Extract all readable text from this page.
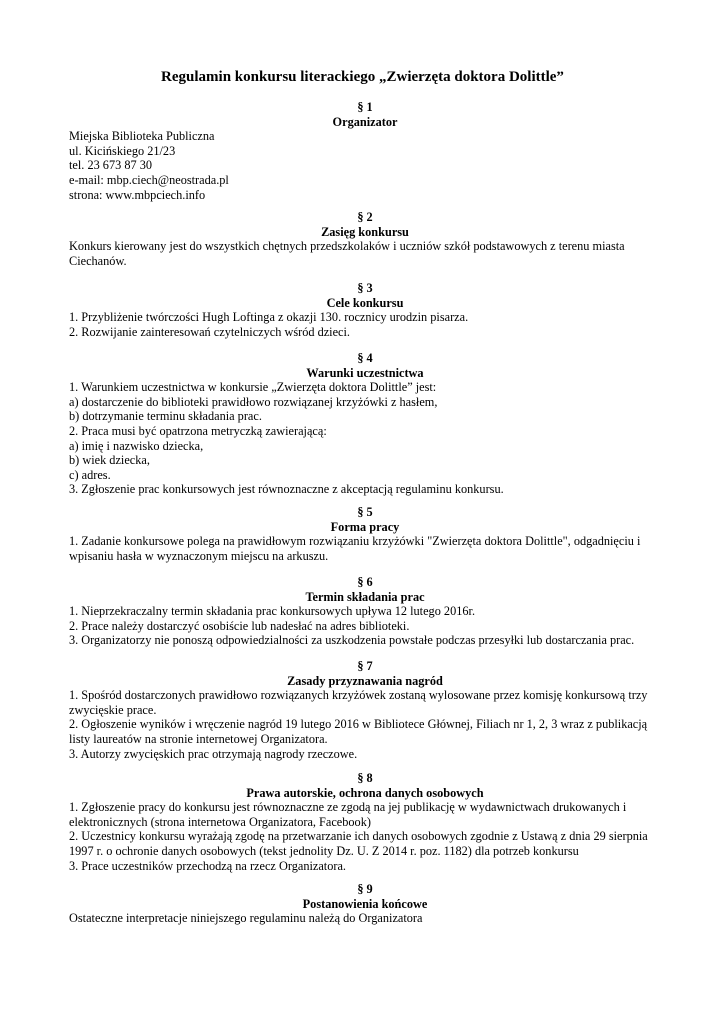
Regulamin konkursu literackiego „Zwierzęta doktora Dolittle”
§ 1
Organizator
Miejska Biblioteka Publiczna
ul. Kicińskiego 21/23
tel. 23 673 87 30
e-mail: mbp.ciech@neostrada.pl
strona: www.mbpciech.info
§ 2
Zasięg konkursu
Konkurs kierowany jest do wszystkich chętnych przedszkolaków i uczniów szkół podstawowych z terenu miasta
Ciechanów.
§ 3
Cele konkursu
1. Przybliżenie twórczości Hugh Loftinga z okazji 130. rocznicy urodzin pisarza.
2. Rozwijanie zainteresowań czytelniczych wśród dzieci.
§ 4
Warunki uczestnictwa
1. Warunkiem uczestnictwa w konkursie „Zwierzęta doktora Dolittle” jest:
a) dostarczenie do biblioteki prawidłowo rozwiązanej krzyżówki z hasłem,
b) dotrzymanie terminu składania prac.
2. Praca musi być opatrzona metryczką zawierającą:
a) imię i nazwisko dziecka,
b) wiek dziecka,
c) adres.
3. Zgłoszenie prac konkursowych jest równoznaczne z akceptacją regulaminu konkursu.
§ 5
Forma pracy
1. Zadanie konkursowe polega na prawidłowym rozwiązaniu krzyżówki "Zwierzęta doktora Dolittle", odgadnięciu i
wpisaniu hasła w wyznaczonym miejscu na arkuszu.
§ 6
Termin składania prac
1. Nieprzekraczalny termin składania prac konkursowych upływa 12 lutego 2016r.
2. Prace należy dostarczyć osobiście lub nadesłać na adres biblioteki.
3. Organizatorzy nie ponoszą odpowiedzialności za uszkodzenia powstałe podczas przesyłki lub dostarczania prac.
§ 7
Zasady przyznawania nagród
1. Spośród dostarczonych prawidłowo rozwiązanych krzyżówek zostaną wylosowane przez komisję konkursową trzy
zwycięskie prace.
2. Ogłoszenie wyników i wręczenie nagród 19 lutego 2016 w Bibliotece Głównej, Filiach nr 1, 2, 3 wraz z publikacją
listy laureatów na stronie internetowej Organizatora.
3. Autorzy zwycięskich prac otrzymają nagrody rzeczowe.
§ 8
Prawa autorskie, ochrona danych osobowych
1. Zgłoszenie pracy do konkursu jest równoznaczne ze zgodą na jej publikację w wydawnictwach drukowanych i
elektronicznych (strona internetowa Organizatora, Facebook)
2. Uczestnicy konkursu wyrażają zgodę na przetwarzanie ich danych osobowych zgodnie z Ustawą z dnia 29 sierpnia
1997 r. o ochronie danych osobowych (tekst jednolity Dz. U. Z 2014 r. poz. 1182) dla potrzeb konkursu
3. Prace uczestników przechodzą na rzecz Organizatora.
§ 9
Postanowienia końcowe
Ostateczne interpretacje niniejszego regulaminu należą do Organizatora
